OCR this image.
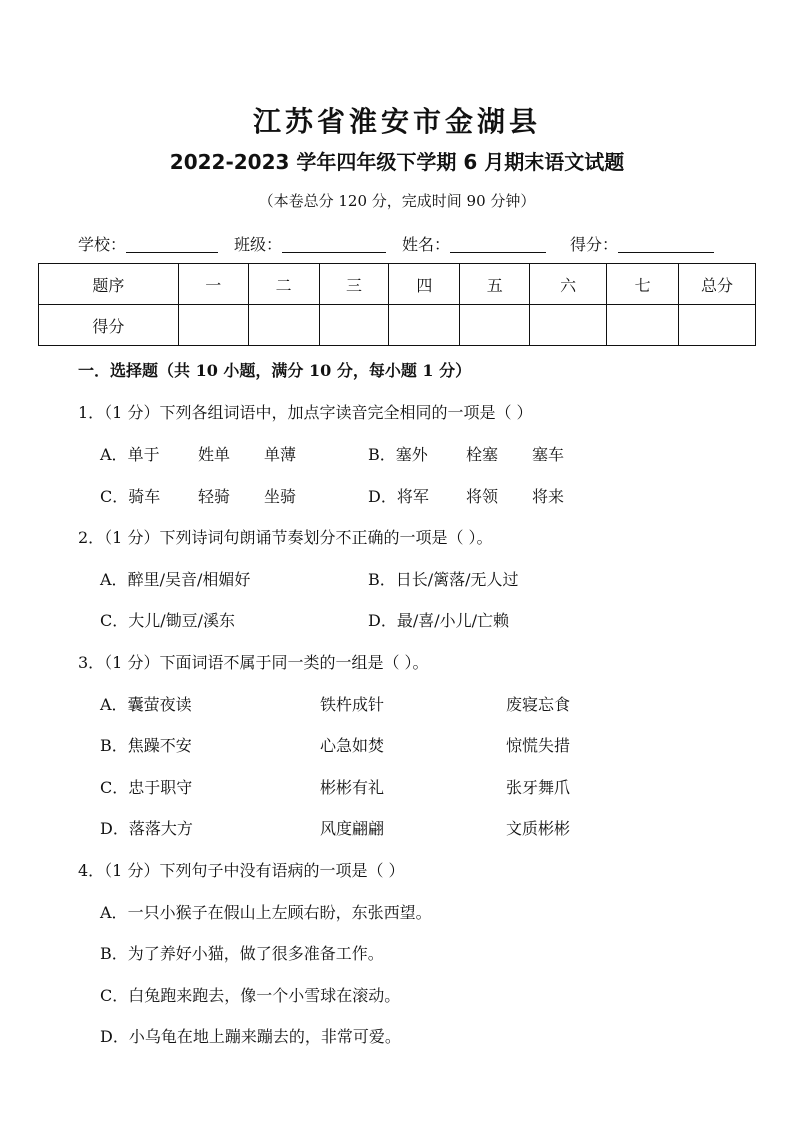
江苏省淮安市金湖县
2022-2023 学年四年级下学期 6 月期末语文试题
（本卷总分 120 分，完成时间 90 分钟）
学校：	班级：	姓名：	得分：
题序	一	二	三	四	五	六	七	总分
得分								
一．选择题（共 10 小题，满分 10 分，每小题 1 分）
1．（1 分）下列各组词语中，加点字读音完全相同的一项是（ ）
A．单于 姓单 单薄	B．塞外 栓塞 塞车
C．骑车 轻骑 坐骑	D．将军 将领 将来
2．（1 分）下列诗词句朗诵节奏划分不正确的一项是（ ）。
A．醉里/吴音/相媚好	B．日长/篱落/无人过
C．大儿/锄豆/溪东	D．最/喜/小儿/亡赖
3．（1 分）下面词语不属于同一类的一组是（ ）。
A．囊萤夜读	铁杵成针	废寝忘食
B．焦躁不安	心急如焚	惊慌失措
C．忠于职守	彬彬有礼	张牙舞爪
D．落落大方	风度翩翩	文质彬彬
4．（1 分）下列句子中没有语病的一项是（ ）
A．一只小猴子在假山上左顾右盼，东张西望。
B．为了养好小猫，做了很多准备工作。
C．白兔跑来跑去，像一个小雪球在滚动。
D．小乌龟在地上蹦来蹦去的，非常可爱。
